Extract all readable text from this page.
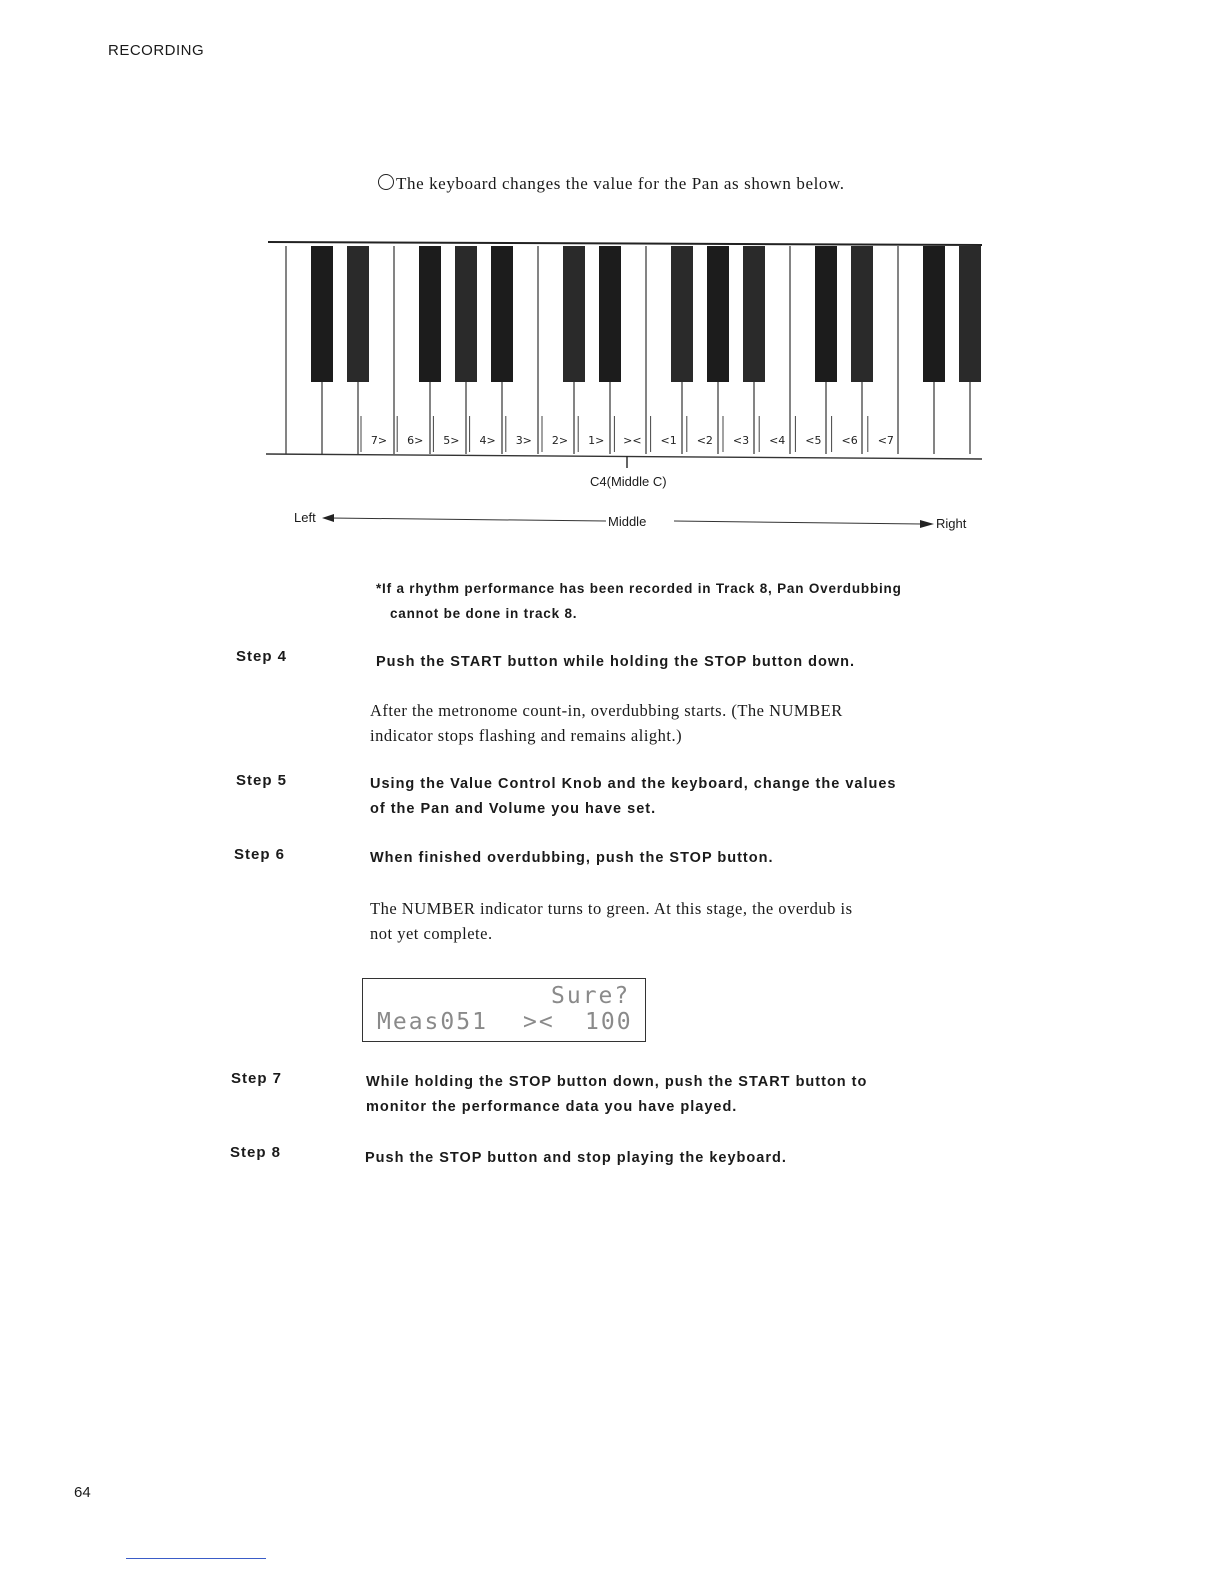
RECORDING
The keyboard changes the value for the Pan as shown below.
7> 6> 5> 4> 3> 2> 1> >< <1 <2 <3 <4 <5 <6 <7
C4(Middle C)
Left	Middle	Right
*If a rhythm performance has been recorded in Track 8, Pan Overdubbing
cannot be done in track 8.
Step 4	Push the START button while holding the STOP button down.
After the metronome count-in, overdubbing starts. (The NUMBER
indicator stops flashing and remains alight.)
Step 5	Using the Value Control Knob and the keyboard, change the values
of the Pan and Volume you have set.
Step 6	When finished overdubbing, push the STOP button.
The NUMBER indicator turns to green. At this stage, the overdub is
not yet complete.
Sure?
Meas051 >< 100
Step 7	While holding the STOP button down, push the START button to
monitor the performance data you have played.
Step 8	Push the STOP button and stop playing the keyboard.
64
